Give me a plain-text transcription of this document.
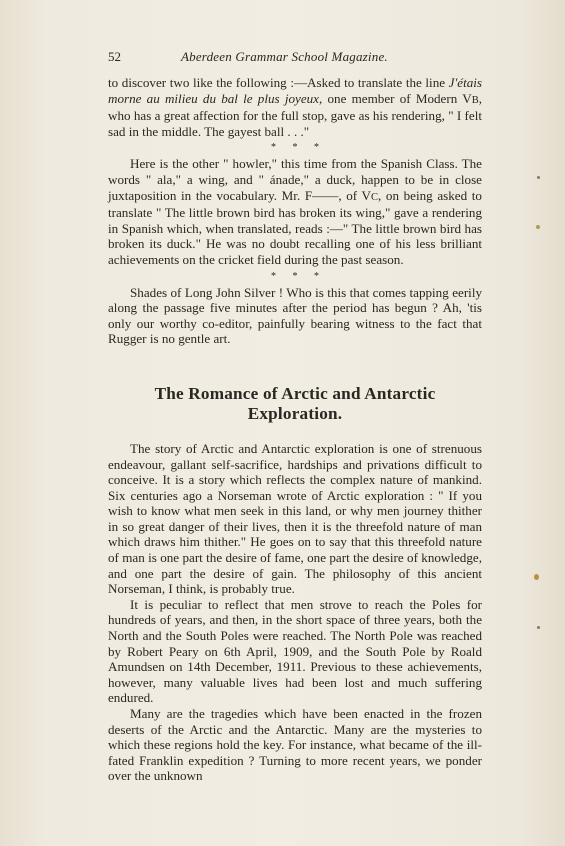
52	Aberdeen Grammar School Magazine.

to discover two like the following :—Asked to translate the line J'étais morne au milieu du bal le plus joyeux, one member of Modern VB, who has a great affection for the full stop, gave as his rendering, " I felt sad in the middle. The gayest ball . . ."

* * *

Here is the other " howler," this time from the Spanish Class. The words " ala," a wing, and " ánade," a duck, happen to be in close juxtaposition in the vocabulary. Mr. F——, of VC, on being asked to translate " The little brown bird has broken its wing," gave a rendering in Spanish which, when translated, reads :—" The little brown bird has broken its duck." He was no doubt recalling one of his less brilliant achievements on the cricket field during the past season.

* * *

Shades of Long John Silver ! Who is this that comes tapping eerily along the passage five minutes after the period has begun ? Ah, 'tis only our worthy co-editor, painfully bearing witness to the fact that Rugger is no gentle art.

The Romance of Arctic and Antarctic
Exploration.

The story of Arctic and Antarctic exploration is one of strenuous endeavour, gallant self-sacrifice, hardships and privations difficult to conceive. It is a story which reflects the complex nature of mankind. Six centuries ago a Norseman wrote of Arctic exploration : " If you wish to know what men seek in this land, or why men journey thither in so great danger of their lives, then it is the threefold nature of man which draws him thither." He goes on to say that this threefold nature of man is one part the desire of fame, one part the desire of knowledge, and one part the desire of gain. The philosophy of this ancient Norseman, I think, is probably true.

It is peculiar to reflect that men strove to reach the Poles for hundreds of years, and then, in the short space of three years, both the North and the South Poles were reached. The North Pole was reached by Robert Peary on 6th April, 1909, and the South Pole by Roald Amundsen on 14th December, 1911. Previous to these achievements, however, many valuable lives had been lost and much suffering endured.

Many are the tragedies which have been enacted in the frozen deserts of the Arctic and the Antarctic. Many are the mysteries to which these regions hold the key. For instance, what became of the ill-fated Franklin expedition ? Turning to more recent years, we ponder over the unknown
